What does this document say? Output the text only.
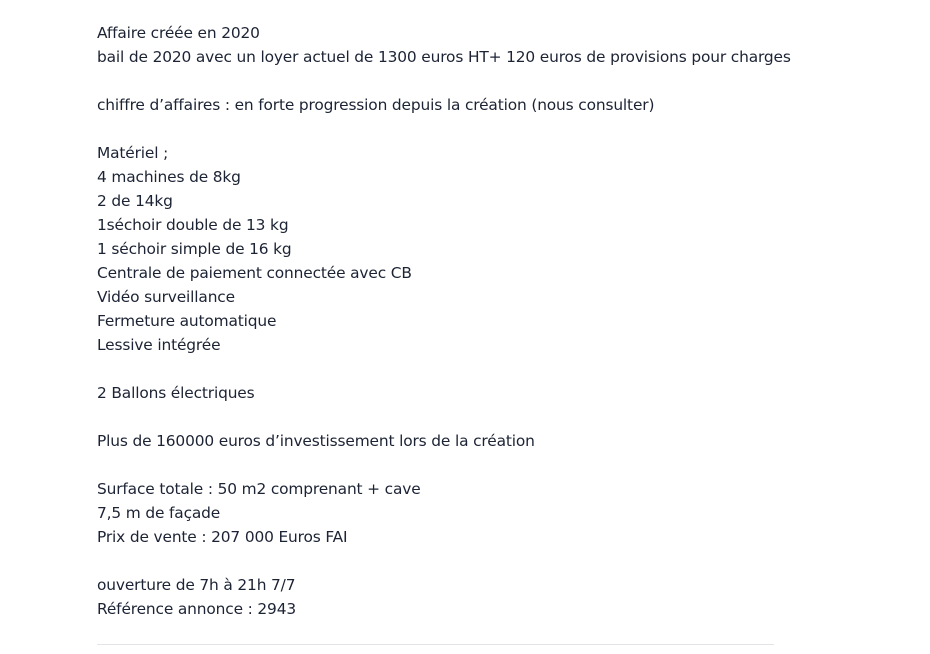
Affaire créée en 2020
bail de 2020 avec un loyer actuel de 1300 euros HT+ 120 euros de provisions pour charges
chiffre d’affaires : en forte progression depuis la création (nous consulter)
Matériel ;
4 machines de 8kg
2 de 14kg
1séchoir double de 13 kg
1 séchoir simple de 16 kg
Centrale de paiement connectée avec CB
Vidéo surveillance
Fermeture automatique
Lessive intégrée
2 Ballons électriques
Plus de 160000 euros d’investissement lors de la création
Surface totale : 50 m2 comprenant + cave
7,5 m de façade
Prix de vente : 207 000 Euros FAI
ouverture de 7h à 21h 7/7
Référence annonce : 2943
